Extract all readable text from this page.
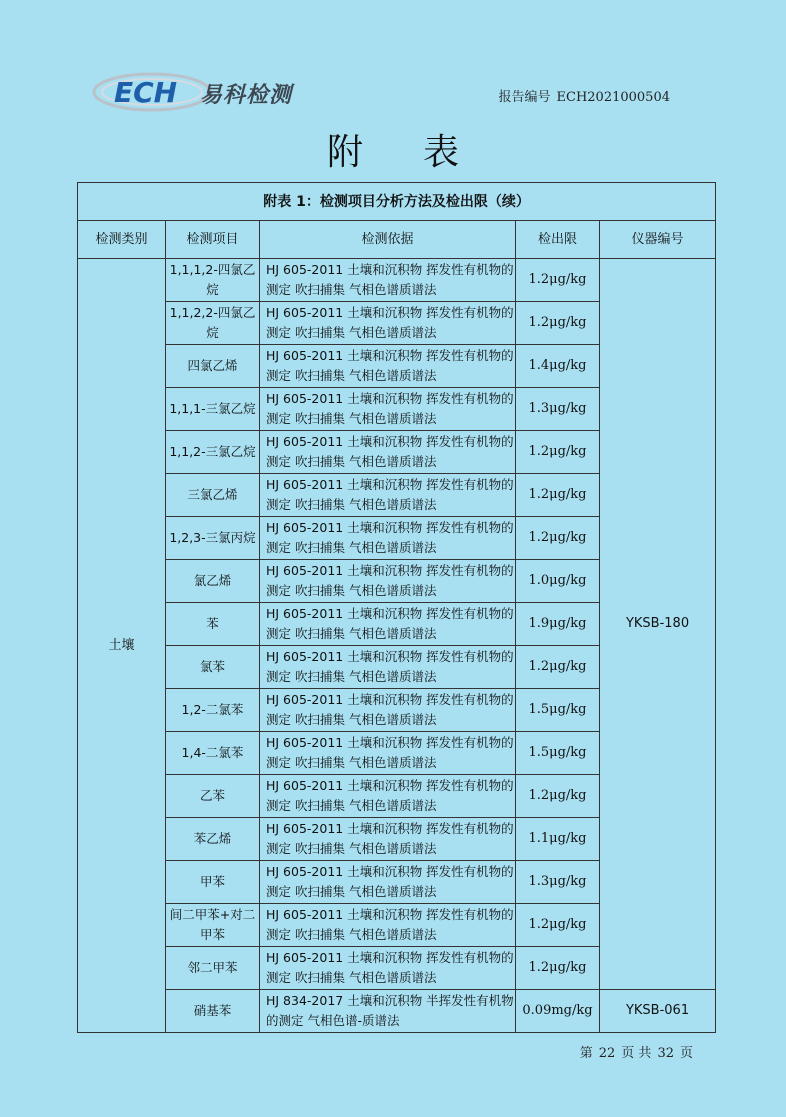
ECH 易科检测	报告编号 ECH2021000504
附表
附表 1：检测项目分析方法及检出限（续）				
检测类别	检测项目	检测依据	检出限	仪器编号
土壤	1,1,1,2-四氯乙烷	HJ 605-2011 土壤和沉积物 挥发性有机物的测定 吹扫捕集 气相色谱质谱法	1.2μg/kg	YKSB-180
	1,1,2,2-四氯乙烷	HJ 605-2011 土壤和沉积物 挥发性有机物的测定 吹扫捕集 气相色谱质谱法	1.2μg/kg	
	四氯乙烯	HJ 605-2011 土壤和沉积物 挥发性有机物的测定 吹扫捕集 气相色谱质谱法	1.4μg/kg	
	1,1,1-三氯乙烷	HJ 605-2011 土壤和沉积物 挥发性有机物的测定 吹扫捕集 气相色谱质谱法	1.3μg/kg	
	1,1,2-三氯乙烷	HJ 605-2011 土壤和沉积物 挥发性有机物的测定 吹扫捕集 气相色谱质谱法	1.2μg/kg	
	三氯乙烯	HJ 605-2011 土壤和沉积物 挥发性有机物的测定 吹扫捕集 气相色谱质谱法	1.2μg/kg	
	1,2,3-三氯丙烷	HJ 605-2011 土壤和沉积物 挥发性有机物的测定 吹扫捕集 气相色谱质谱法	1.2μg/kg	
	氯乙烯	HJ 605-2011 土壤和沉积物 挥发性有机物的测定 吹扫捕集 气相色谱质谱法	1.0μg/kg	
	苯	HJ 605-2011 土壤和沉积物 挥发性有机物的测定 吹扫捕集 气相色谱质谱法	1.9μg/kg	
	氯苯	HJ 605-2011 土壤和沉积物 挥发性有机物的测定 吹扫捕集 气相色谱质谱法	1.2μg/kg	
	1,2-二氯苯	HJ 605-2011 土壤和沉积物 挥发性有机物的测定 吹扫捕集 气相色谱质谱法	1.5μg/kg	
	1,4-二氯苯	HJ 605-2011 土壤和沉积物 挥发性有机物的测定 吹扫捕集 气相色谱质谱法	1.5μg/kg	
	乙苯	HJ 605-2011 土壤和沉积物 挥发性有机物的测定 吹扫捕集 气相色谱质谱法	1.2μg/kg	
	苯乙烯	HJ 605-2011 土壤和沉积物 挥发性有机物的测定 吹扫捕集 气相色谱质谱法	1.1μg/kg	
	甲苯	HJ 605-2011 土壤和沉积物 挥发性有机物的测定 吹扫捕集 气相色谱质谱法	1.3μg/kg	
	间二甲苯+对二甲苯	HJ 605-2011 土壤和沉积物 挥发性有机物的测定 吹扫捕集 气相色谱质谱法	1.2μg/kg	
	邻二甲苯	HJ 605-2011 土壤和沉积物 挥发性有机物的测定 吹扫捕集 气相色谱质谱法	1.2μg/kg	
	硝基苯	HJ 834-2017 土壤和沉积物 半挥发性有机物的测定 气相色谱-质谱法	0.09mg/kg	YKSB-061
第 22 页 共 32 页
